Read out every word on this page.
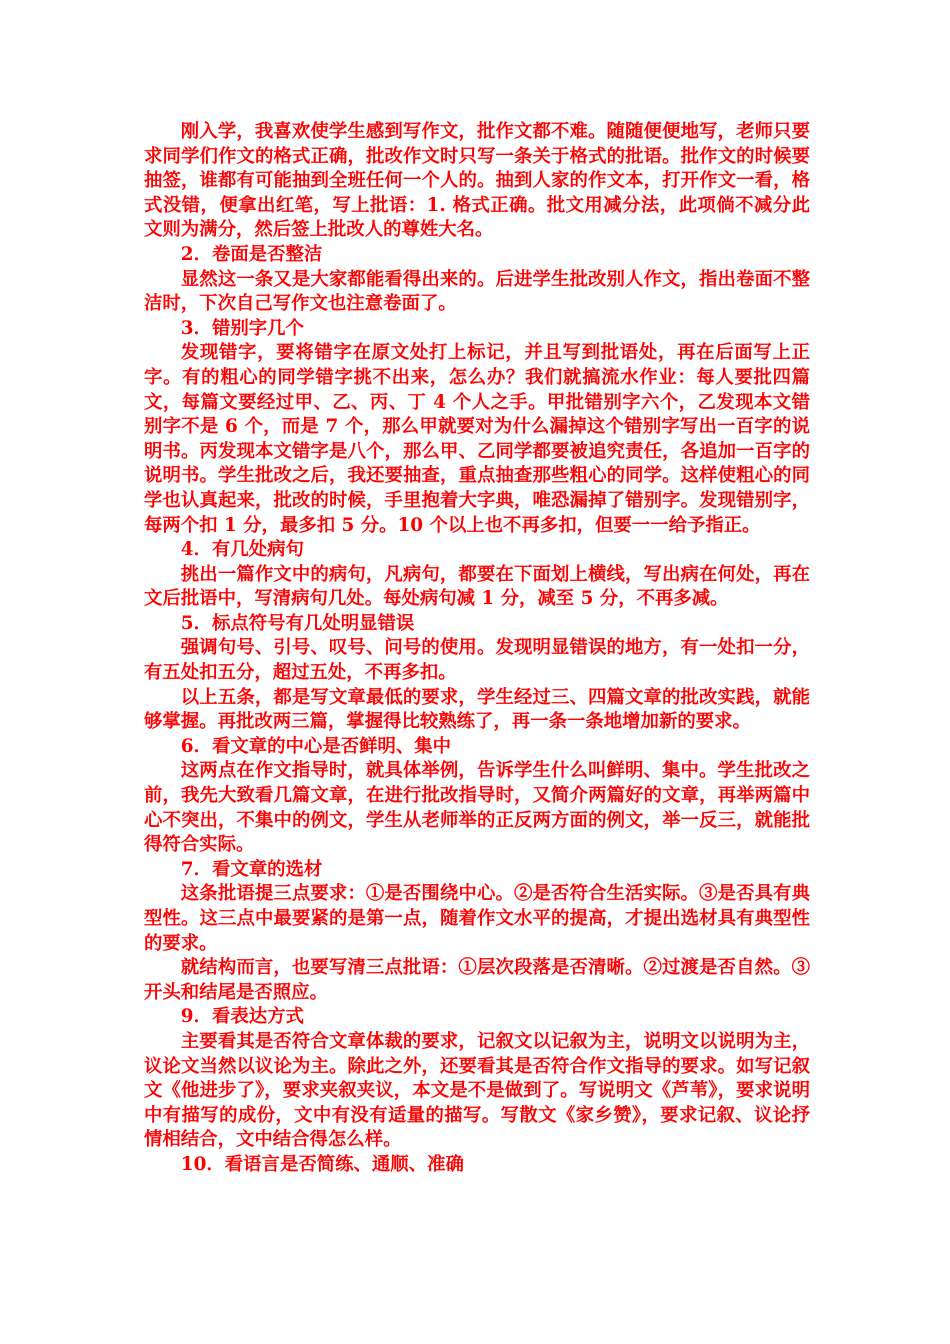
刚入学，我喜欢使学生感到写作文，批作文都不难。随随便便地写，老师只要求同学们作文的格式正确，批改作文时只写一条关于格式的批语。批作文的时候要抽签，谁都有可能抽到全班任何一个人的。抽到人家的作文本，打开作文一看，格式没错，便拿出红笔，写上批语：1. 格式正确。批文用减分法，此项倘不减分此文则为满分，然后签上批改人的尊姓大名。

2．卷面是否整洁

显然这一条又是大家都能看得出来的。后进学生批改别人作文，指出卷面不整洁时，下次自己写作文也注意卷面了。

3．错别字几个

发现错字，要将错字在原文处打上标记，并且写到批语处，再在后面写上正字。有的粗心的同学错字挑不出来，怎么办？我们就搞流水作业：每人要批四篇文，每篇文要经过甲、乙、丙、丁 4 个人之手。甲批错别字六个，乙发现本文错别字不是 6 个，而是 7 个，那么甲就要对为什么漏掉这个错别字写出一百字的说明书。丙发现本文错字是八个，那么甲、乙同学都要被追究责任，各追加一百字的说明书。学生批改之后，我还要抽查，重点抽查那些粗心的同学。这样使粗心的同学也认真起来，批改的时候，手里抱着大字典，唯恐漏掉了错别字。发现错别字，每两个扣 1 分，最多扣 5 分。10 个以上也不再多扣，但要一一给予指正。

4．有几处病句

挑出一篇作文中的病句，凡病句，都要在下面划上横线，写出病在何处，再在文后批语中，写清病句几处。每处病句减 1 分，减至 5 分，不再多减。

5．标点符号有几处明显错误

强调句号、引号、叹号、问号的使用。发现明显错误的地方，有一处扣一分，有五处扣五分，超过五处，不再多扣。

以上五条，都是写文章最低的要求，学生经过三、四篇文章的批改实践，就能够掌握。再批改两三篇，掌握得比较熟练了，再一条一条地增加新的要求。

6．看文章的中心是否鲜明、集中

这两点在作文指导时，就具体举例，告诉学生什么叫鲜明、集中。学生批改之前，我先大致看几篇文章，在进行批改指导时，又简介两篇好的文章，再举两篇中心不突出，不集中的例文，学生从老师举的正反两方面的例文，举一反三，就能批得符合实际。

7．看文章的选材

这条批语提三点要求：①是否围绕中心。②是否符合生活实际。③是否具有典型性。这三点中最要紧的是第一点，随着作文水平的提高，才提出选材具有典型性的要求。

就结构而言，也要写清三点批语：①层次段落是否清晰。②过渡是否自然。③开头和结尾是否照应。

9．看表达方式

主要看其是否符合文章体裁的要求，记叙文以记叙为主，说明文以说明为主，议论文当然以议论为主。除此之外，还要看其是否符合作文指导的要求。如写记叙文《他进步了》，要求夹叙夹议，本文是不是做到了。写说明文《芦苇》，要求说明中有描写的成份，文中有没有适量的描写。写散文《家乡赞》，要求记叙、议论抒情相结合，文中结合得怎么样。

10．看语言是否简练、通顺、准确
